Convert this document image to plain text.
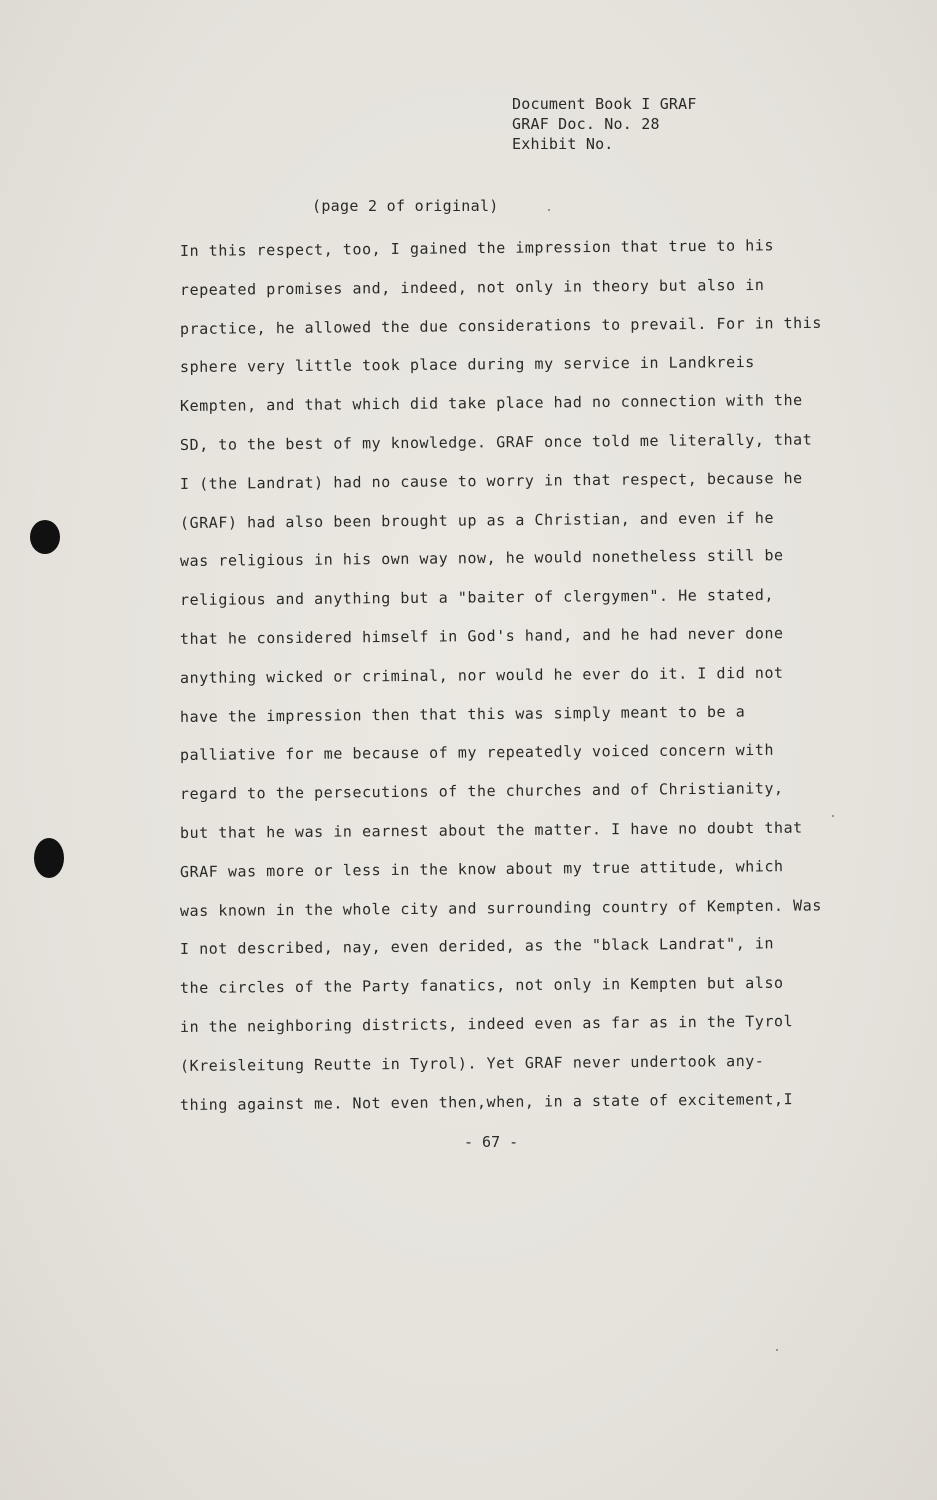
Document Book I GRAF
GRAF Doc. No. 28
Exhibit No.
(page 2 of original)
In this respect, too, I gained the impression that true to his
repeated promises and, indeed, not only in theory but also in
practice, he allowed the due considerations to prevail. For in this
sphere very little took place during my service in Landkreis
Kempten, and that which did take place had no connection with the
SD, to the best of my knowledge. GRAF once told me literally, that
I (the Landrat) had no cause to worry in that respect, because he
(GRAF) had also been brought up as a Christian, and even if he
was religious in his own way now, he would nonetheless still be
religious and anything but a "baiter of clergymen". He stated,
that he considered himself in God's hand, and he had never done
anything wicked or criminal, nor would he ever do it. I did not
have the impression then that this was simply meant to be a
palliative for me because of my repeatedly voiced concern with
regard to the persecutions of the churches and of Christianity,
but that he was in earnest about the matter. I have no doubt that
GRAF was more or less in the know about my true attitude, which
was known in the whole city and surrounding country of Kempten. Was
I not described, nay, even derided, as the "black Landrat", in
the circles of the Party fanatics, not only in Kempten but also
in the neighboring districts, indeed even as far as in the Tyrol
(Kreisleitung Reutte in Tyrol). Yet GRAF never undertook any-
thing against me. Not even then,when, in a state of excitement,I
- 67 -
